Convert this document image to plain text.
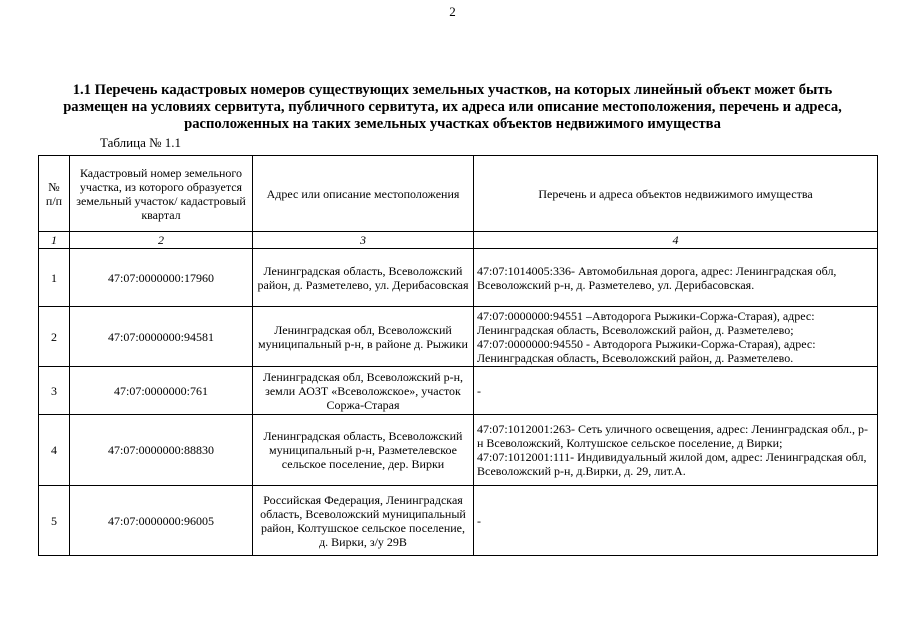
2
1.1 Перечень кадастровых номеров существующих земельных участков, на которых линейный объект может быть размещен на условиях сервитута, публичного сервитута, их адреса или описание местоположения, перечень и адреса, расположенных на таких земельных участках объектов недвижимого имущества
Таблица № 1.1
№ п/п	Кадастровый номер земельного участка, из которого образуется земельный участок/ кадастровый квартал	Адрес или описание местоположения	Перечень и адреса объектов недвижимого имущества
1	2	3	4
1	47:07:0000000:17960	Ленинградская область, Всеволожский район, д. Разметелево, ул. Дерибасовская	47:07:1014005:336- Автомобильная дорога, адрес: Ленинградская обл, Всеволожский р-н, д. Разметелево, ул. Дерибасовская.
2	47:07:0000000:94581	Ленинградская обл, Всеволожский муниципальный р-н, в районе д. Рыжики	47:07:0000000:94551 –Автодорога Рыжики-Соржа-Старая), адрес: Ленинградская область, Всеволожский район, д. Разметелево; 47:07:0000000:94550 - Автодорога Рыжики-Соржа-Старая), адрес: Ленинградская область, Всеволожский район, д. Разметелево.
3	47:07:0000000:761	Ленинградская обл, Всеволожский р-н, земли АОЗТ «Всеволожское», участок Соржа-Старая	-
4	47:07:0000000:88830	Ленинградская область, Всеволожский муниципальный р-н, Разметелевское сельское поселение, дер. Вирки	47:07:1012001:263- Сеть уличного освещения, адрес: Ленинградская обл., р-н Всеволожский, Колтушское сельское поселение, д Вирки; 47:07:1012001:111- Индивидуальный жилой дом, адрес: Ленинградская обл, Всеволожский р-н, д.Вирки, д. 29, лит.А.
5	47:07:0000000:96005	Российская Федерация, Ленинградская область, Всеволожский муниципальный район, Колтушское сельское поселение, д. Вирки, з/у 29В	-
